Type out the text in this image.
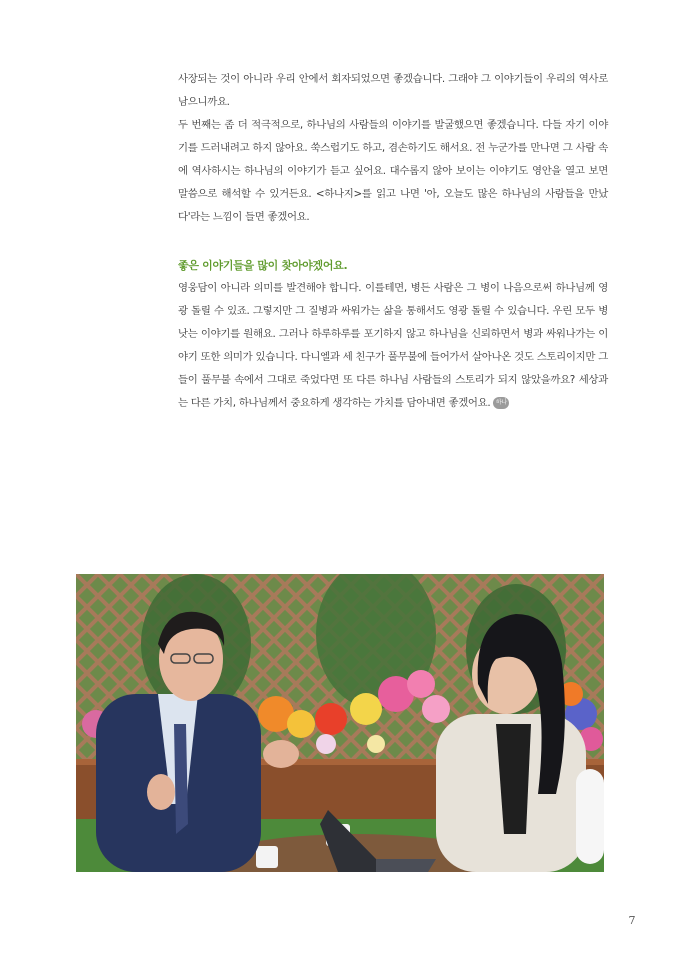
사장되는 것이 아니라 우리 안에서 회자되었으면 좋겠습니다. 그래야 그 이야기들이 우리의 역사로 남으니까요.

두 번째는 좀 더 적극적으로, 하나님의 사람들의 이야기를 발굴했으면 좋겠습니다. 다들 자기 이야기를 드러내려고 하지 않아요. 쑥스럽기도 하고, 겸손하기도 해서요. 전 누군가를 만나면 그 사람 속에 역사하시는 하나님의 이야기가 듣고 싶어요. 대수롭지 않아 보이는 이야기도 영안을 열고 보면 말씀으로 해석할 수 있거든요. <하나지>를 읽고 나면 '아, 오늘도 많은 하나님의 사람들을 만났다'라는 느낌이 들면 좋겠어요.

좋은 이야기들을 많이 찾아야겠어요.

영웅담이 아니라 의미를 발견해야 합니다. 이를테면, 병든 사람은 그 병이 나음으로써 하나님께 영광 돌릴 수 있죠. 그렇지만 그 질병과 싸워가는 삶을 통해서도 영광 돌릴 수 있습니다. 우린 모두 병 낫는 이야기를 원해요. 그러나 하루하루를 포기하지 않고 하나님을 신뢰하면서 병과 싸워나가는 이야기 또한 의미가 있습니다. 다니엘과 세 친구가 풀무불에 들어가서 살아나온 것도 스토리이지만 그들이 풀무불 속에서 그대로 죽었다면 또 다른 하나님 사람들의 스토리가 되지 않았을까요? 세상과는 다른 가치, 하나님께서 중요하게 생각하는 가치를 담아내면 좋겠어요. 하나

7
